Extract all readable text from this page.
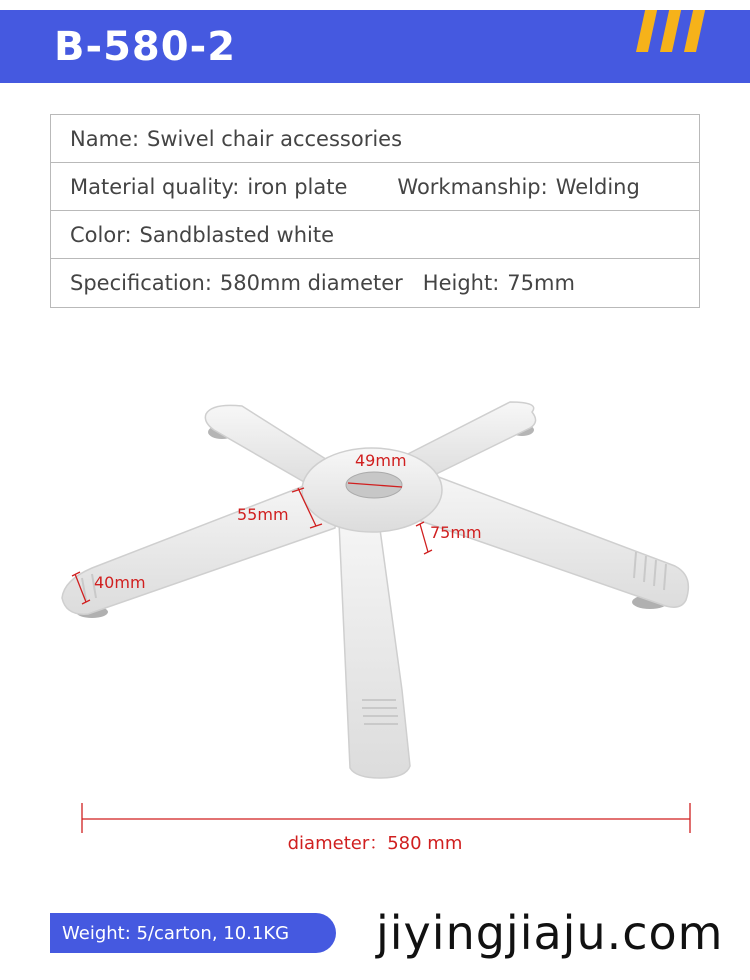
B-580-2
Name: Swivel chair accessories
Material quality: iron plate Workmanship: Welding
Color: Sandblasted white
Specification: 580mm diameter Height: 75mm
49mm
55mm
75mm
40mm
diameter：580 mm
Weight: 5/carton, 10.1KG	jiyingjiaju.com
